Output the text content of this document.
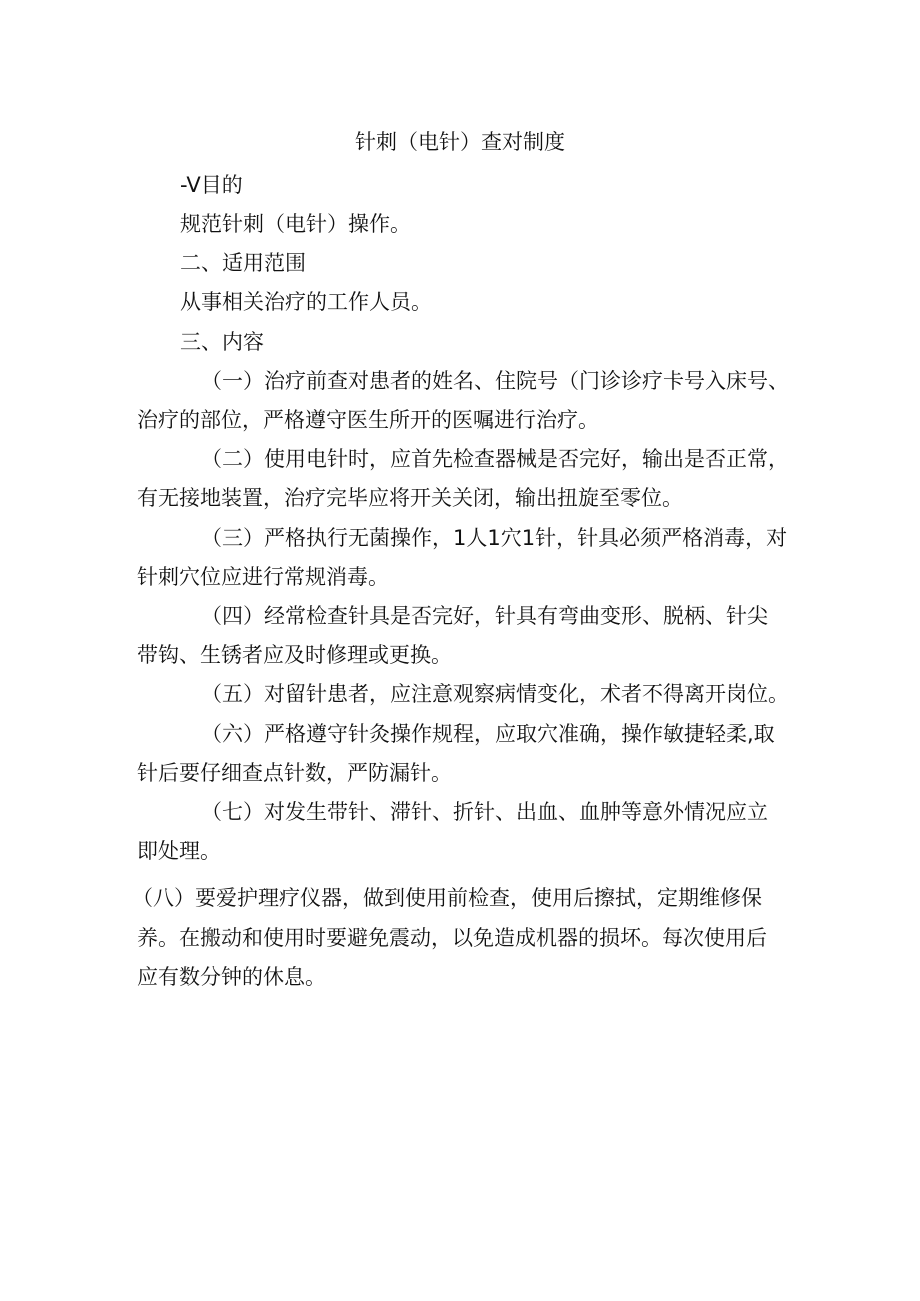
针刺（电针）查对制度
-V目的
规范针刺（电针）操作。
二、适用范围
从事相关治疗的工作人员。
三、内容
（一）治疗前查对患者的姓名、住院号（门诊诊疗卡号入床号、
治疗的部位，严格遵守医生所开的医嘱进行治疗。
（二）使用电针时，应首先检查器械是否完好，输出是否正常，
有无接地装置，治疗完毕应将开关关闭，输出扭旋至零位。
（三）严格执行无菌操作，1人1穴1针，针具必须严格消毒，对
针刺穴位应进行常规消毒。
（四）经常检查针具是否完好，针具有弯曲变形、脱柄、针尖
带钩、生锈者应及时修理或更换。
（五）对留针患者，应注意观察病情变化，术者不得离开岗位。
（六）严格遵守针灸操作规程，应取穴准确，操作敏捷轻柔,取
针后要仔细查点针数，严防漏针。
（七）对发生带针、滞针、折针、出血、血肿等意外情况应立
即处理。
（八）要爱护理疗仪器，做到使用前检查，使用后擦拭，定期维修保
养。在搬动和使用时要避免震动，以免造成机器的损坏。每次使用后
应有数分钟的休息。
